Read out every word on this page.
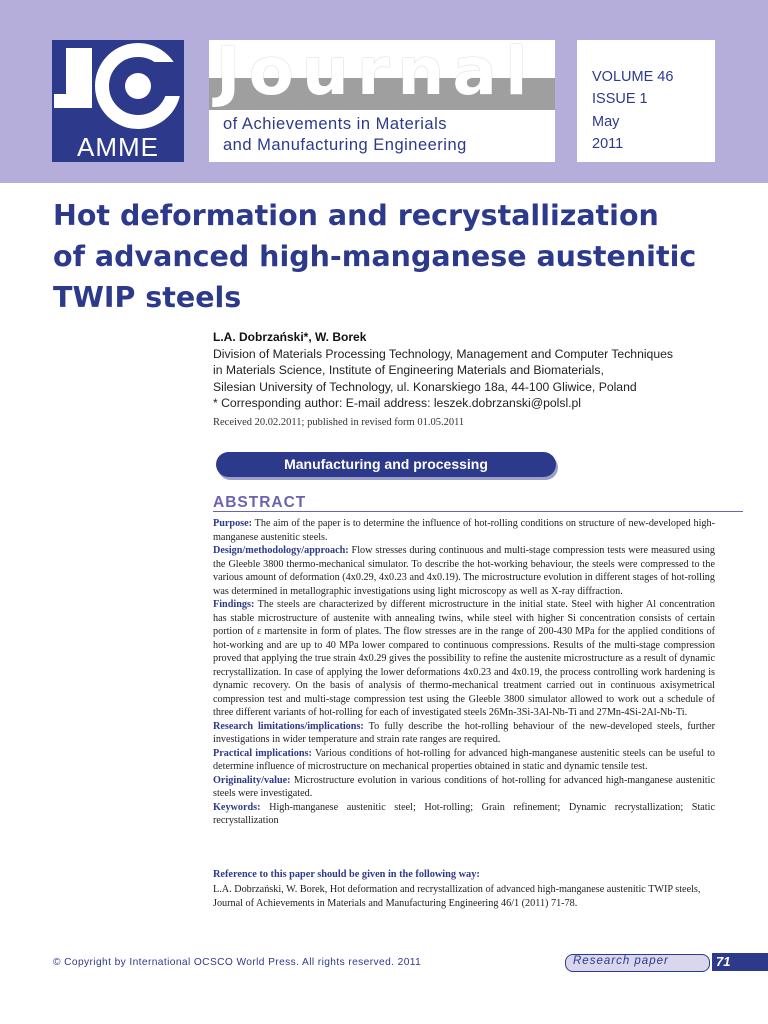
AMME
Journal
of Achievements in Materials
and Manufacturing Engineering
VOLUME 46
ISSUE 1
May
2011
Hot deformation and recrystallization
of advanced high-manganese austenitic
TWIP steels
L.A. Dobrzański*, W. Borek
Division of Materials Processing Technology, Management and Computer Techniques
in Materials Science, Institute of Engineering Materials and Biomaterials,
Silesian University of Technology, ul. Konarskiego 18a, 44-100 Gliwice, Poland
* Corresponding author: E-mail address: leszek.dobrzanski@polsl.pl
Received 20.02.2011; published in revised form 01.05.2011
Manufacturing and processing
ABSTRACT

Purpose: The aim of the paper is to determine the influence of hot-rolling conditions on structure of new-developed high-manganese austenitic steels.

Design/methodology/approach: Flow stresses during continuous and multi-stage compression tests were measured using the Gleeble 3800 thermo-mechanical simulator. To describe the hot-working behaviour, the steels were compressed to the various amount of deformation (4x0.29, 4x0.23 and 4x0.19). The microstructure evolution in different stages of hot-rolling was determined in metallographic investigations using light microscopy as well as X-ray diffraction.

Findings: The steels are characterized by different microstructure in the initial state. Steel with higher Al concentration has stable microstructure of austenite with annealing twins, while steel with higher Si concentration consists of certain portion of ε martensite in form of plates. The flow stresses are in the range of 200-430 MPa for the applied conditions of hot-working and are up to 40 MPa lower compared to continuous compressions. Results of the multi-stage compression proved that applying the true strain 4x0.29 gives the possibility to refine the austenite microstructure as a result of dynamic recrystallization. In case of applying the lower deformations 4x0.23 and 4x0.19, the process controlling work hardening is dynamic recovery. On the basis of analysis of thermo-mechanical treatment carried out in continuous axisymetrical compression test and multi-stage compression test using the Gleeble 3800 simulator allowed to work out a schedule of three different variants of hot-rolling for each of investigated steels 26Mn-3Si-3Al-Nb-Ti and 27Mn-4Si-2Al-Nb-Ti.

Research limitations/implications: To fully describe the hot-rolling behaviour of the new-developed steels, further investigations in wider temperature and strain rate ranges are required.

Practical implications: Various conditions of hot-rolling for advanced high-manganese austenitic steels can be useful to determine influence of microstructure on mechanical properties obtained in static and dynamic tensile test.

Originality/value: Microstructure evolution in various conditions of hot-rolling for advanced high-manganese austenitic steels were investigated.

Keywords: High-manganese austenitic steel; Hot-rolling; Grain refinement; Dynamic recrystallization; Static recrystallization

Reference to this paper should be given in the following way:
L.A. Dobrzański, W. Borek, Hot deformation and recrystallization of advanced high-manganese austenitic TWIP steels, Journal of Achievements in Materials and Manufacturing Engineering 46/1 (2011) 71-78.
© Copyright by International OCSCO World Press. All rights reserved. 2011	Research paper	71
